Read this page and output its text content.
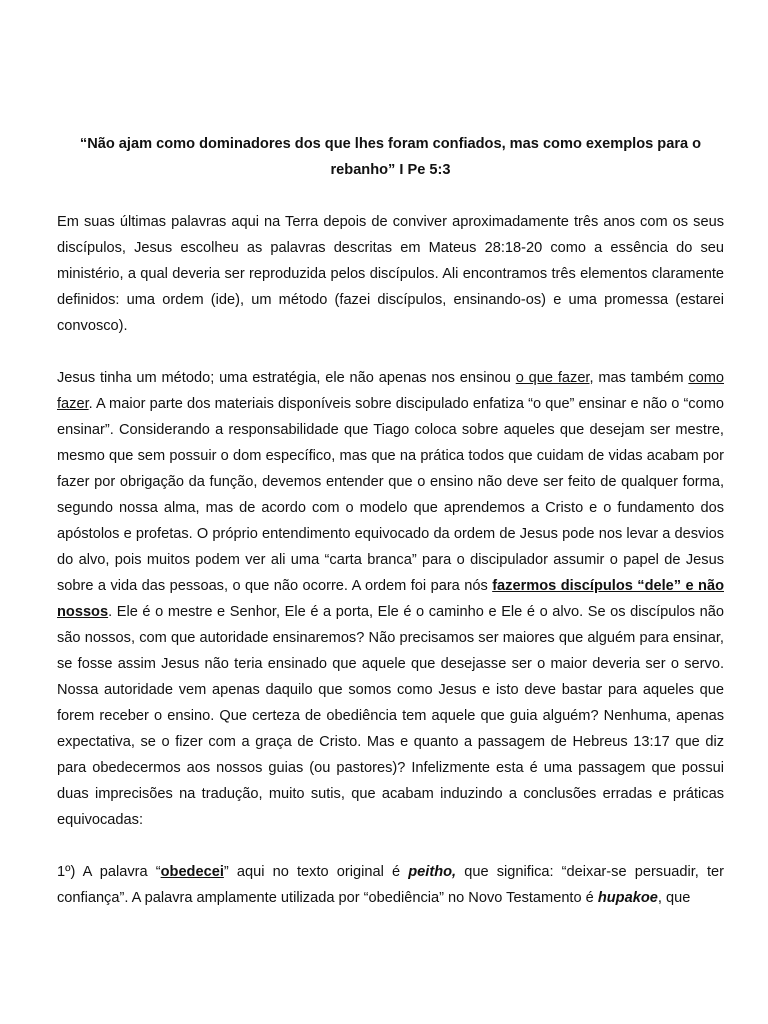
“Não ajam como dominadores dos que lhes foram confiados, mas como exemplos para o
rebanho” I Pe 5:3

Em suas últimas palavras aqui na Terra depois de conviver aproximadamente três anos com os seus discípulos, Jesus escolheu as palavras descritas em Mateus 28:18-20 como a essência do seu ministério, a qual deveria ser reproduzida pelos discípulos. Ali encontramos três elementos claramente definidos: uma ordem (ide), um método (fazei discípulos, ensinando-os) e uma promessa (estarei convosco).

Jesus tinha um método; uma estratégia, ele não apenas nos ensinou o que fazer, mas também como fazer. A maior parte dos materiais disponíveis sobre discipulado enfatiza “o que” ensinar e não o “como ensinar”. Considerando a responsabilidade que Tiago coloca sobre aqueles que desejam ser mestre, mesmo que sem possuir o dom específico, mas que na prática todos que cuidam de vidas acabam por fazer por obrigação da função, devemos entender que o ensino não deve ser feito de qualquer forma, segundo nossa alma, mas de acordo com o modelo que aprendemos a Cristo e o fundamento dos apóstolos e profetas. O próprio entendimento equivocado da ordem de Jesus pode nos levar a desvios do alvo, pois muitos podem ver ali uma “carta branca” para o discipulador assumir o papel de Jesus sobre a vida das pessoas, o que não ocorre. A ordem foi para nós fazermos discípulos “dele” e não nossos. Ele é o mestre e Senhor, Ele é a porta, Ele é o caminho e Ele é o alvo. Se os discípulos não são nossos, com que autoridade ensinaremos? Não precisamos ser maiores que alguém para ensinar, se fosse assim Jesus não teria ensinado que aquele que desejasse ser o maior deveria ser o servo. Nossa autoridade vem apenas daquilo que somos como Jesus e isto deve bastar para aqueles que forem receber o ensino. Que certeza de obediência tem aquele que guia alguém? Nenhuma, apenas expectativa, se o fizer com a graça de Cristo. Mas e quanto a passagem de Hebreus 13:17 que diz para obedecermos aos nossos guias (ou pastores)? Infelizmente esta é uma passagem que possui duas imprecisões na tradução, muito sutis, que acabam induzindo a conclusões erradas e práticas equivocadas:

1º) A palavra “obedecei” aqui no texto original é peitho, que significa: “deixar-se persuadir, ter confiança”. A palavra amplamente utilizada por “obediência” no Novo Testamento é hupakoe, que
